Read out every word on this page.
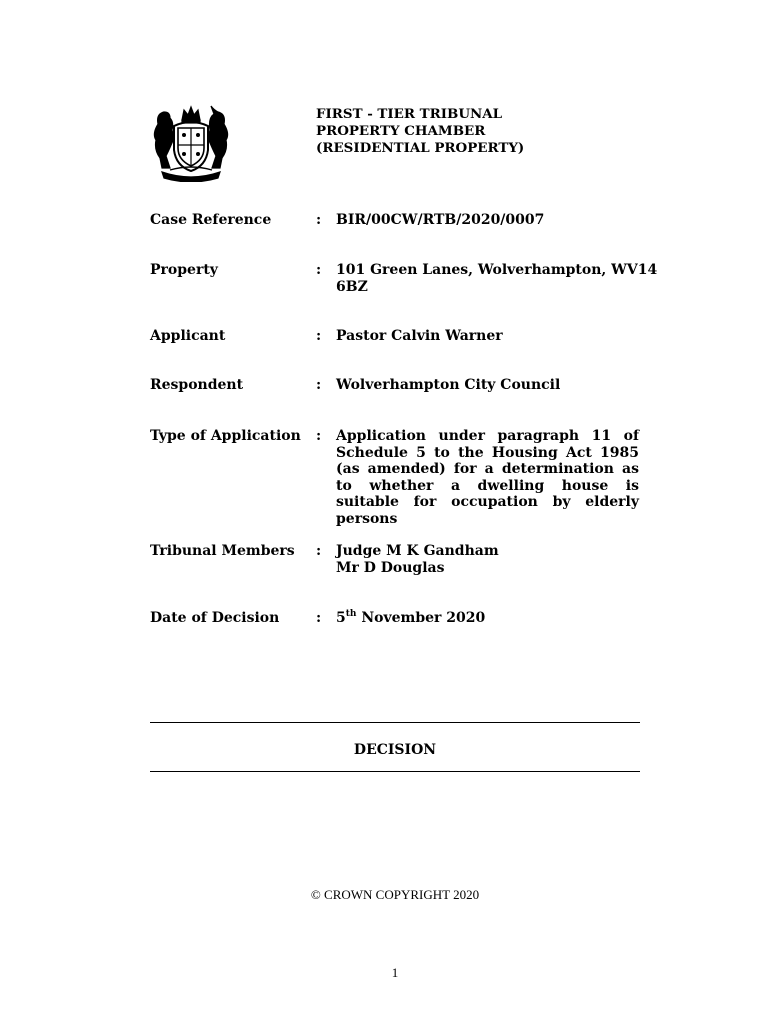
FIRST - TIER TRIBUNAL
PROPERTY CHAMBER
(RESIDENTIAL PROPERTY)
Case Reference	: BIR/00CW/RTB/2020/0007
Property	: 101 Green Lanes, Wolverhampton, WV14
6BZ
Applicant	: Pastor Calvin Warner
Respondent	: Wolverhampton City Council
Type of Application : Application under paragraph 11 of Schedule 5 to the Housing Act 1985 (as amended) for a determination as to whether a dwelling house is suitable for occupation by elderly persons
Tribunal Members : Judge M K Gandham
Mr D Douglas
Date of Decision	: 5th November 2020
DECISION
© CROWN COPYRIGHT 2020
1
